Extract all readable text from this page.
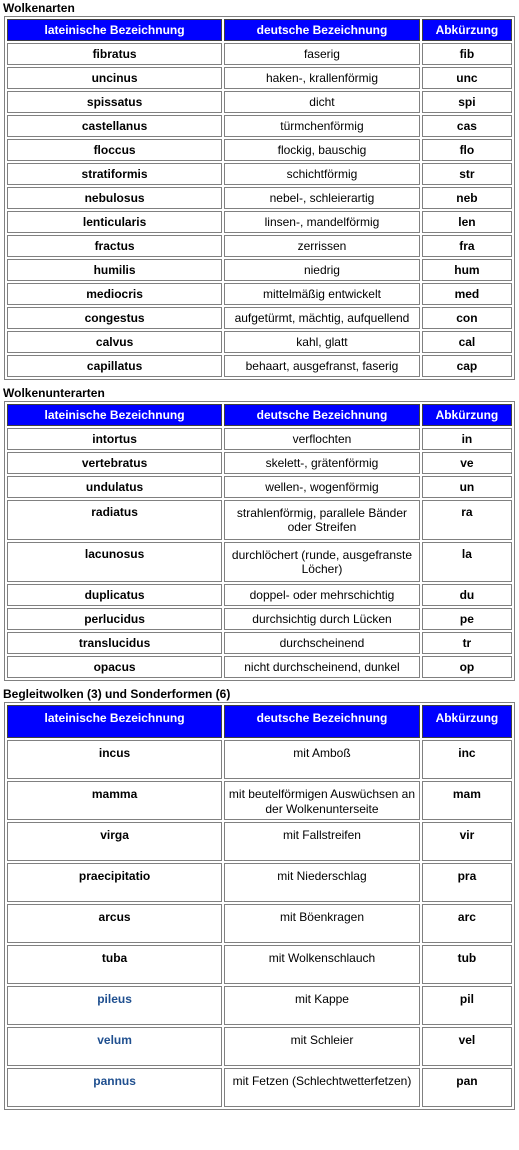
Wolkenarten
lateinische Bezeichnung	deutsche Bezeichnung	Abkürzung
fibratus	faserig	fib
uncinus	haken-, krallenförmig	unc
spissatus	dicht	spi
castellanus	türmchenförmig	cas
floccus	flockig, bauschig	flo
stratiformis	schichtförmig	str
nebulosus	nebel-, schleierartig	neb
lenticularis	linsen-, mandelförmig	len
fractus	zerrissen	fra
humilis	niedrig	hum
mediocris	mittelmäßig entwickelt	med
congestus	aufgetürmt, mächtig, aufquellend	con
calvus	kahl, glatt	cal
capillatus	behaart, ausgefranst, faserig	cap
Wolkenunterarten
lateinische Bezeichnung	deutsche Bezeichnung	Abkürzung
intortus	verflochten	in
vertebratus	skelett-, grätenförmig	ve
undulatus	wellen-, wogenförmig	un
radiatus	strahlenförmig, parallele Bänder oder Streifen	ra
lacunosus	durchlöchert (runde, ausgefranste Löcher)	la
duplicatus	doppel- oder mehrschichtig	du
perlucidus	durchsichtig durch Lücken	pe
translucidus	durchscheinend	tr
opacus	nicht durchscheinend, dunkel	op
Begleitwolken (3) und Sonderformen (6)
lateinische Bezeichnung	deutsche Bezeichnung	Abkürzung
incus	mit Amboß	inc
mamma	mit beutelförmigen Auswüchsen an der Wolkenunterseite	mam
virga	mit Fallstreifen	vir
praecipitatio	mit Niederschlag	pra
arcus	mit Böenkragen	arc
tuba	mit Wolkenschlauch	tub
pileus	mit Kappe	pil
velum	mit Schleier	vel
pannus	mit Fetzen (Schlechtwetterfetzen)	pan
